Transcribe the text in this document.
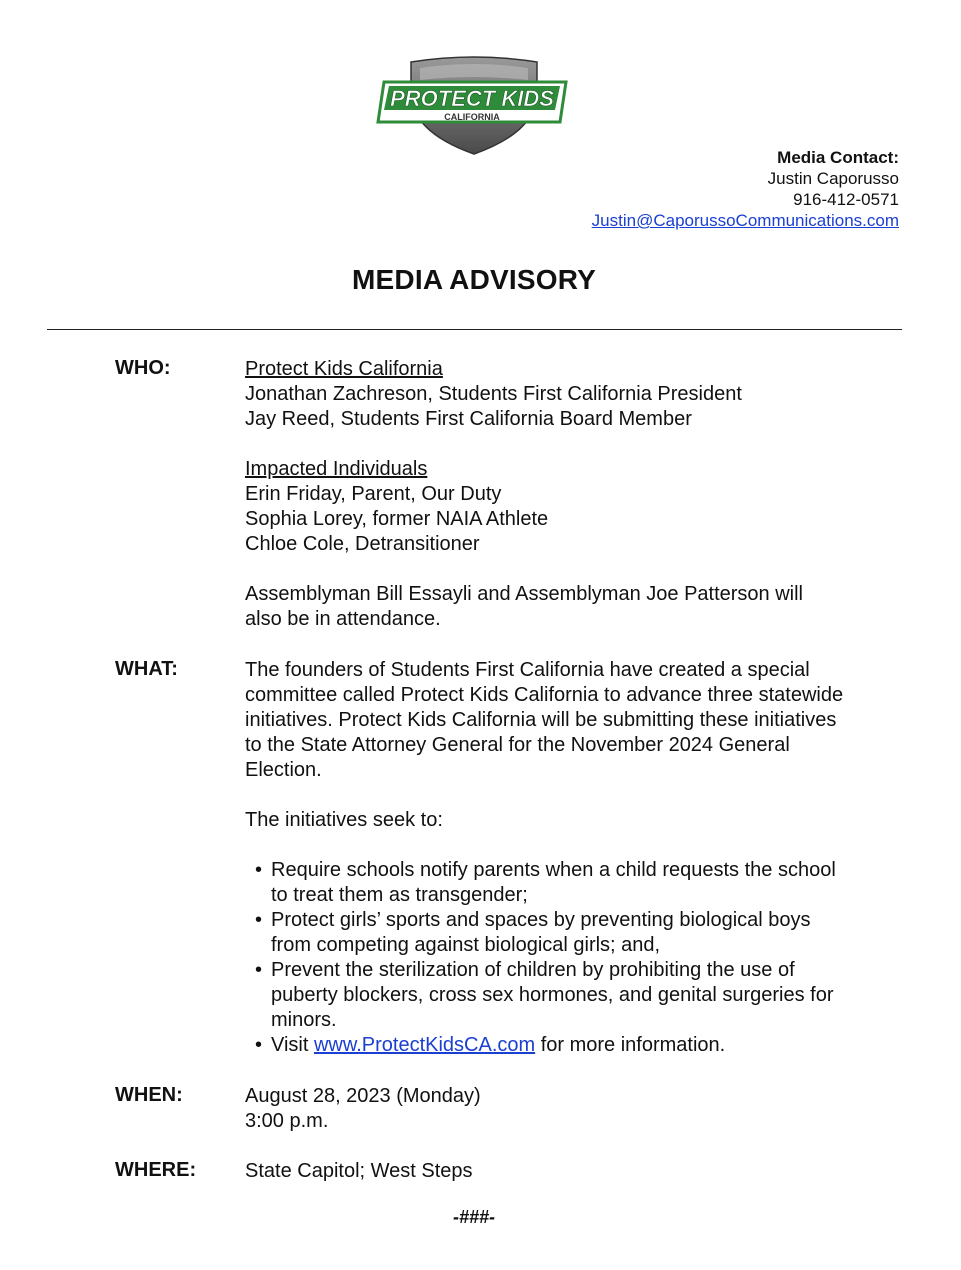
PROTECT KIDS
CALIFORNIA
Media Contact:
Justin Caporusso
916-412-0571
Justin@CaporussoCommunications.com
MEDIA ADVISORY
WHO:	Protect Kids California
Jonathan Zachreson, Students First California President
Jay Reed, Students First California Board Member
Impacted Individuals
Erin Friday, Parent, Our Duty
Sophia Lorey, former NAIA Athlete
Chloe Cole, Detransitioner
Assemblyman Bill Essayli and Assemblyman Joe Patterson will
also be in attendance.
WHAT:	The founders of Students First California have created a special
committee called Protect Kids California to advance three statewide
initiatives. Protect Kids California will be submitting these initiatives
to the State Attorney General for the November 2024 General
Election.
The initiatives seek to:
• Require schools notify parents when a child requests the school
to treat them as transgender;
• Protect girls’ sports and spaces by preventing biological boys
from competing against biological girls; and,
• Prevent the sterilization of children by prohibiting the use of
puberty blockers, cross sex hormones, and genital surgeries for
minors.
• Visit www.ProtectKidsCA.com for more information.
WHEN:	August 28, 2023 (Monday)
3:00 p.m.
WHERE: State Capitol; West Steps
-###-
